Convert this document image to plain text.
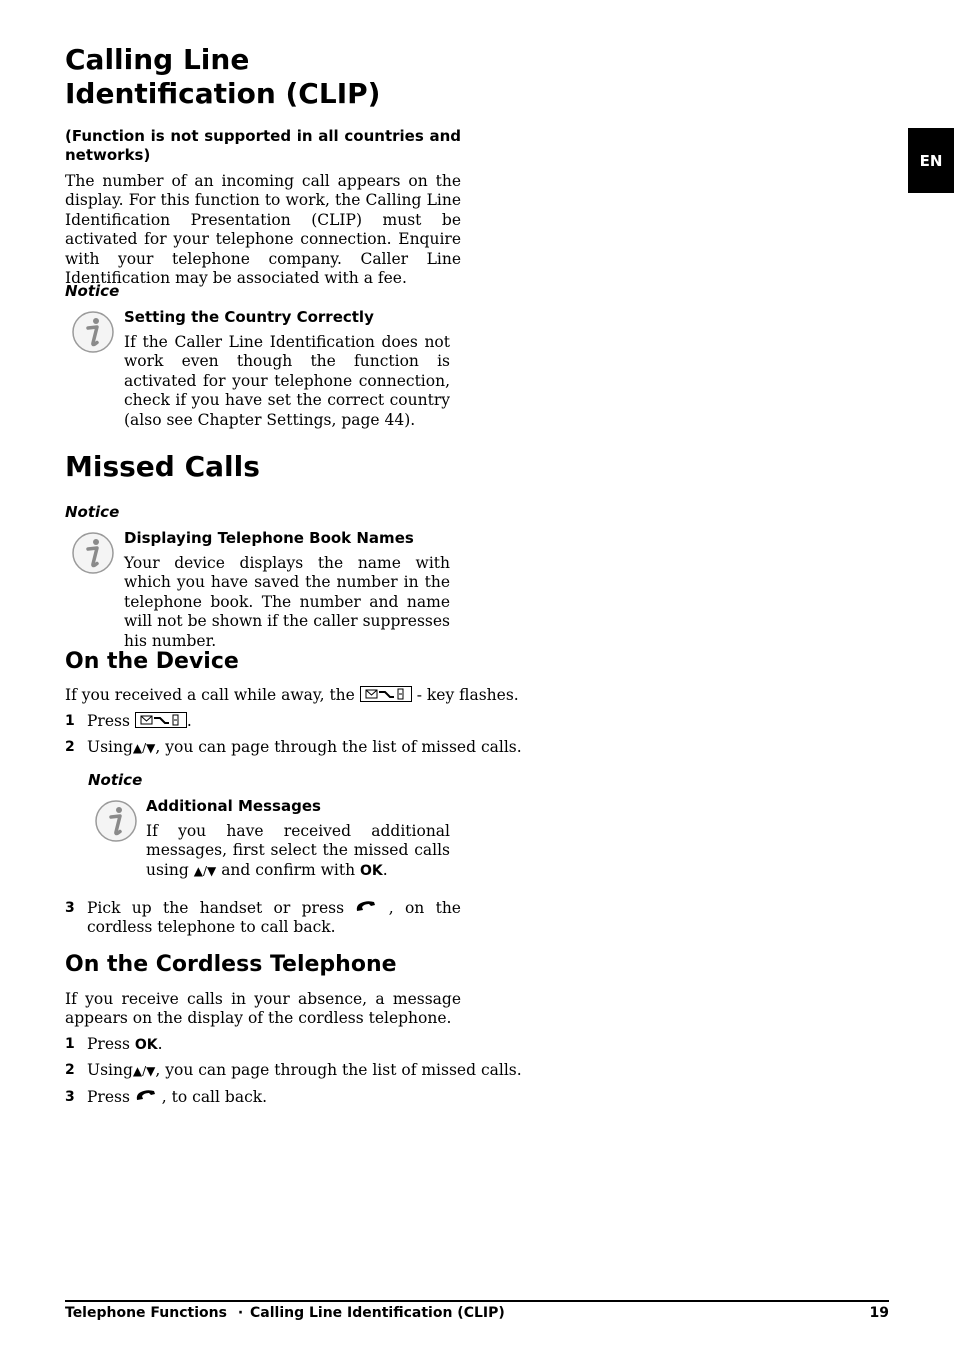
EN
Calling Line Identification (CLIP)
(Function is not supported in all countries and networks)

The number of an incoming call appears on the display. For this function to work, the Calling Line Identification Presentation (CLIP) must be activated for your telephone connection. Enquire with your telephone company. Caller Line Identification may be associated with a fee.

Notice
Setting the Country Correctly

If the Caller Line Identification does not work even though the function is activated for your telephone connection, check if you have set the correct country (also see Chapter Settings, page 44).

Missed Calls
Notice
Displaying Telephone Book Names

Your device displays the name with which you have saved the number in the telephone book. The number and name will not be shown if the caller suppresses his number.

On the Device
If you received a call while away, the	- key flashes.
1 Press	.
2 Using▲/▼, you can page through the list of missed calls.
Notice
Additional Messages

If you have received additional messages, first select the missed calls using ▲/▼ and confirm with OK.

3 Pick up the handset or press	, on the cordless telephone to call back.
On the Cordless Telephone

If you receive calls in your absence, a message appears on the display of the cordless telephone.

1 Press OK.
2 Using▲/▼, you can page through the list of missed calls.
3 Press , to call back.
Telephone Functions · Calling Line Identification (CLIP)	19
